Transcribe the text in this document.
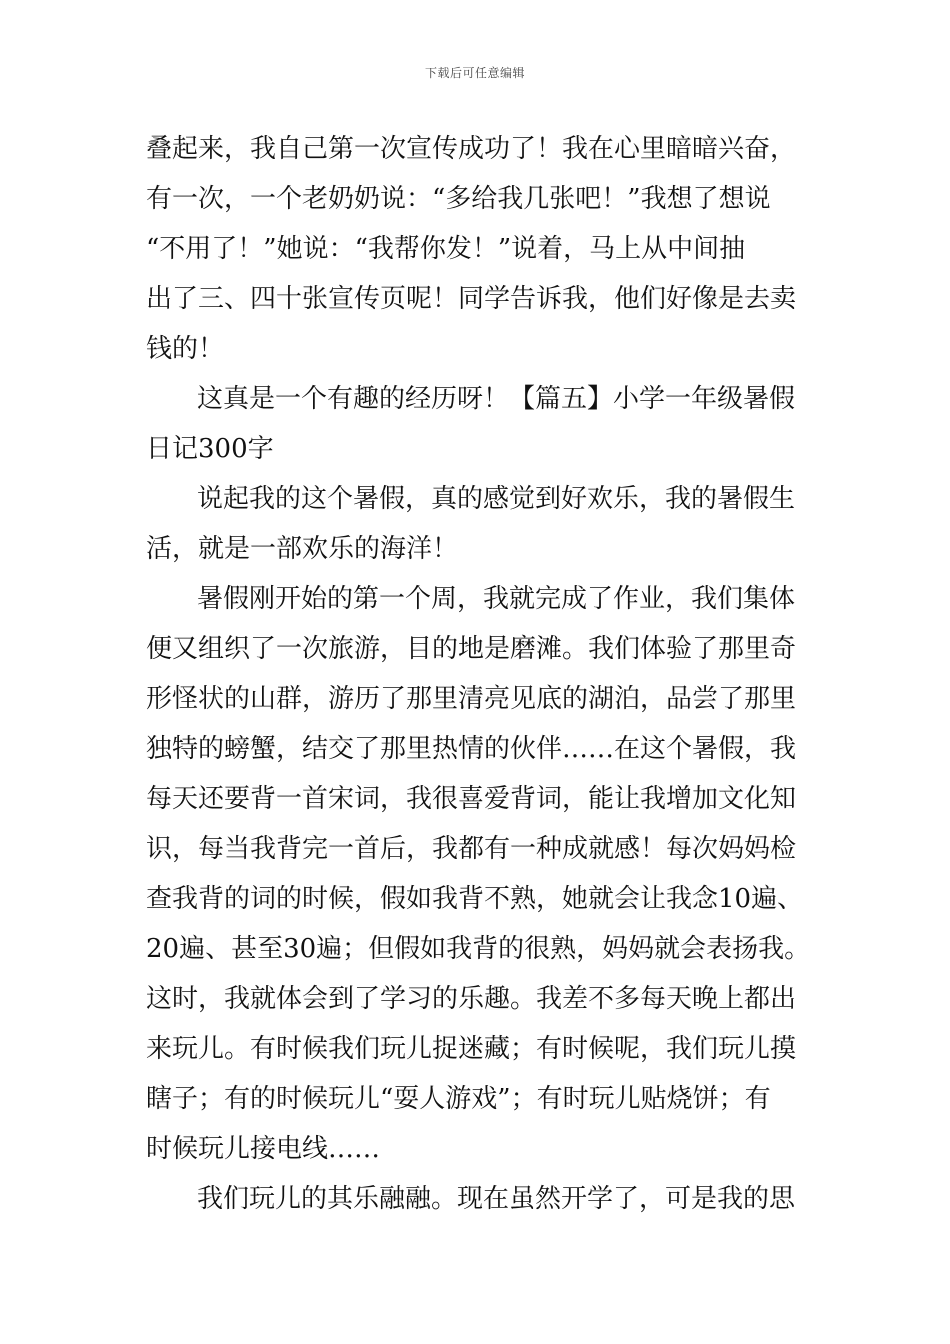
下载后可任意编辑
叠起来，我自己第一次宣传成功了！我在心里暗暗兴奋，
有一次，一个老奶奶说：“多给我几张吧！”我想了想说
“不用了！”她说：“我帮你发！”说着，马上从中间抽
出了三、四十张宣传页呢！同学告诉我，他们好像是去卖
钱的！
这真是一个有趣的经历呀！【篇五】小学一年级暑假
日记300字
说起我的这个暑假，真的感觉到好欢乐，我的暑假生
活，就是一部欢乐的海洋！
暑假刚开始的第一个周，我就完成了作业，我们集体
便又组织了一次旅游，目的地是磨滩。我们体验了那里奇
形怪状的山群，游历了那里清亮见底的湖泊，品尝了那里
独特的螃蟹，结交了那里热情的伙伴……在这个暑假，我
每天还要背一首宋词，我很喜爱背词，能让我增加文化知
识，每当我背完一首后，我都有一种成就感！每次妈妈检
查我背的词的时候，假如我背不熟，她就会让我念10遍、
20遍、甚至30遍；但假如我背的很熟，妈妈就会表扬我。
这时，我就体会到了学习的乐趣。我差不多每天晚上都出
来玩儿。有时候我们玩儿捉迷藏；有时候呢，我们玩儿摸
瞎子；有的时候玩儿“耍人游戏”；有时玩儿贴烧饼；有
时候玩儿接电线……
我们玩儿的其乐融融。现在虽然开学了，可是我的思
